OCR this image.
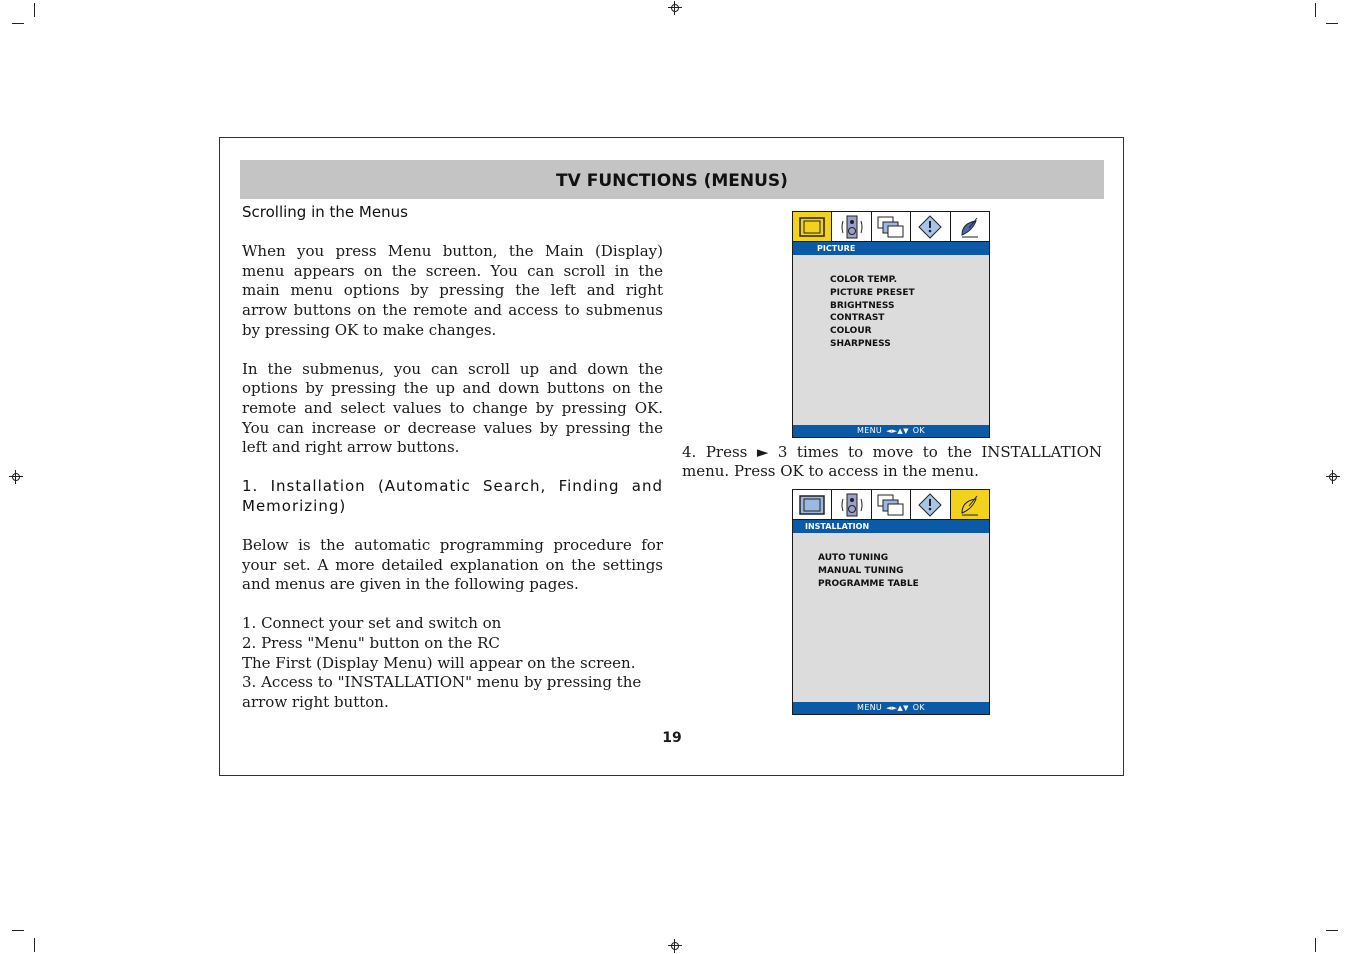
TV FUNCTIONS (MENUS)

Scrolling in the Menus

When you press Menu button, the Main (Display) menu appears on the screen. You can scroll in the main menu options by pressing the left and right arrow buttons on the remote and access to submenus by pressing OK to make changes.

In the submenus, you can scroll up and down the options by pressing the up and down buttons on the remote and select values to change by pressing OK. You can increase or decrease values by pressing the left and right arrow buttons.

1. Installation (Automatic Search, Finding and Memorizing)

Below is the automatic programming procedure for your set. A more detailed explanation on the settings and menus are given in the following pages.

1. Connect your set and switch on

2. Press "Menu" button on the RC

The First (Display Menu) will appear on the screen.

3. Access to "INSTALLATION" menu by pressing the arrow right button.

PICTURE
COLOR TEMP.
PICTURE PRESET
BRIGHTNESS
CONTRAST
COLOUR
SHARPNESS
MENU ◄►▲▼ OK
4. Press ► 3 times to move to the INSTALLATION menu. Press OK to access in the menu.
INSTALLATION
AUTO TUNING
MANUAL TUNING
PROGRAMME TABLE
MENU ◄►▲▼ OK
19
